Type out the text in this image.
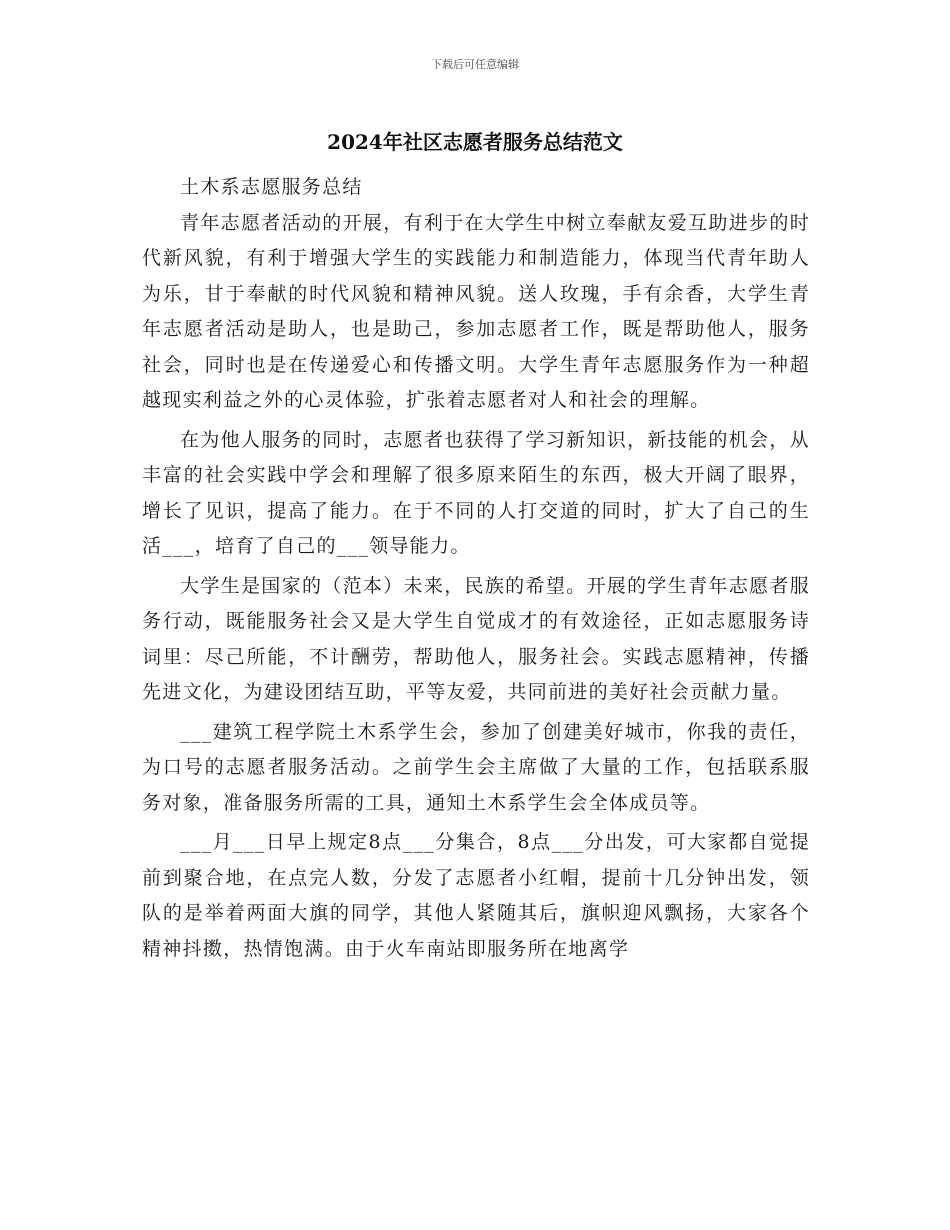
下载后可任意编辑
2024年社区志愿者服务总结范文

土木系志愿服务总结

青年志愿者活动的开展，有利于在大学生中树立奉献友爱互助进步的时代新风貌，有利于增强大学生的实践能力和制造能力，体现当代青年助人为乐，甘于奉献的时代风貌和精神风貌。送人玫瑰，手有余香，大学生青年志愿者活动是助人，也是助己，参加志愿者工作，既是帮助他人，服务社会，同时也是在传递爱心和传播文明。大学生青年志愿服务作为一种超越现实利益之外的心灵体验，扩张着志愿者对人和社会的理解。

在为他人服务的同时，志愿者也获得了学习新知识，新技能的机会，从丰富的社会实践中学会和理解了很多原来陌生的东西，极大开阔了眼界，增长了见识，提高了能力。在于不同的人打交道的同时，扩大了自己的生活___，培育了自己的___领导能力。

大学生是国家的（范本）未来，民族的希望。开展的学生青年志愿者服务行动，既能服务社会又是大学生自觉成才的有效途径，正如志愿服务诗词里：尽己所能，不计酬劳，帮助他人，服务社会。实践志愿精神，传播先进文化，为建设团结互助，平等友爱，共同前进的美好社会贡献力量。

___建筑工程学院土木系学生会，参加了创建美好城市，你我的责任，为口号的志愿者服务活动。之前学生会主席做了大量的工作，包括联系服务对象，准备服务所需的工具，通知土木系学生会全体成员等。

___月___日早上规定8点___分集合，8点___分出发，可大家都自觉提前到聚合地，在点完人数，分发了志愿者小红帽，提前十几分钟出发，领队的是举着两面大旗的同学，其他人紧随其后，旗帜迎风飘扬，大家各个精神抖擞，热情饱满。由于火车南站即服务所在地离学
